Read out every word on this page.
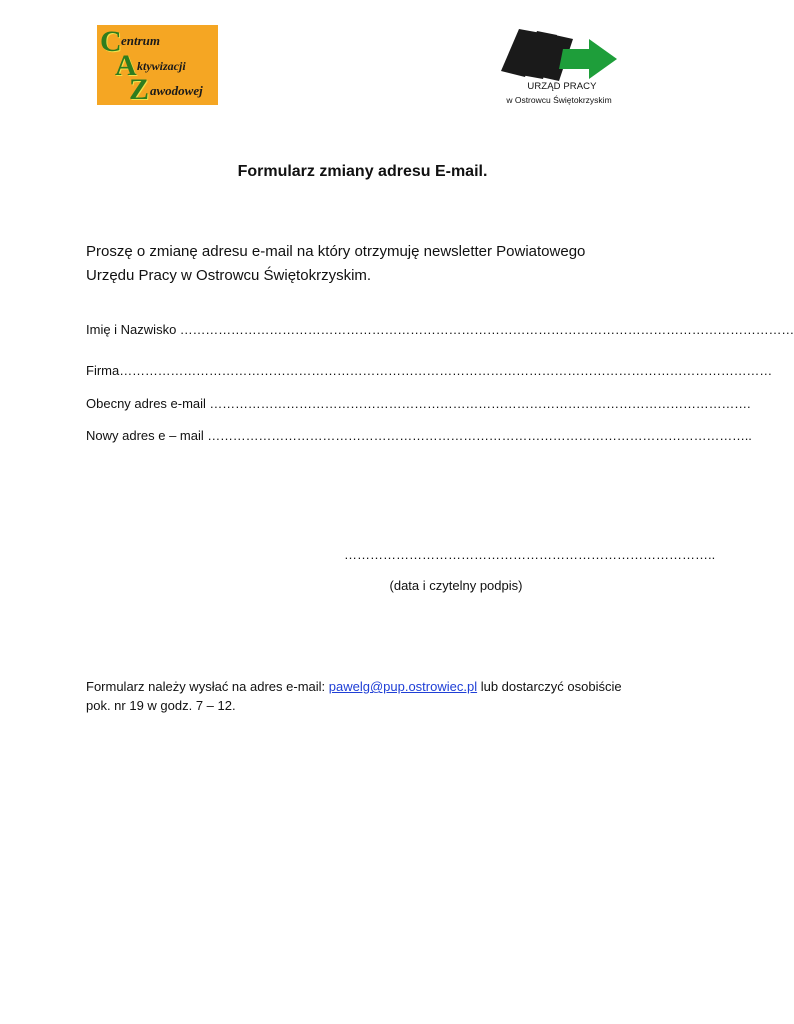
C entrum
A ktywizacji
Z awodowej	URZĄD PRACY
w Ostrowcu Świętokrzyskim
Formularz zmiany adresu E-mail.
Proszę o zmianę adresu e-mail na który otrzymuję newsletter Powiatowego
Urzędu Pracy w Ostrowcu Świętokrzyskim.
Imię i Nazwisko ………………………………………………………………………………………………………………………………
Firma………………………………………………………………………………………………………………………………………
Obecny adres e-mail ……………………………………………………………………………………………………………….
Nowy adres e – mail ………………………………………………………………………………………………………………..
…………………………………………………………………………..
(data i czytelny podpis)
Formularz należy wysłać na adres e-mail: pawelg@pup.ostrowiec.pl lub dostarczyć osobiście
pok. nr 19 w godz. 7 – 12.
